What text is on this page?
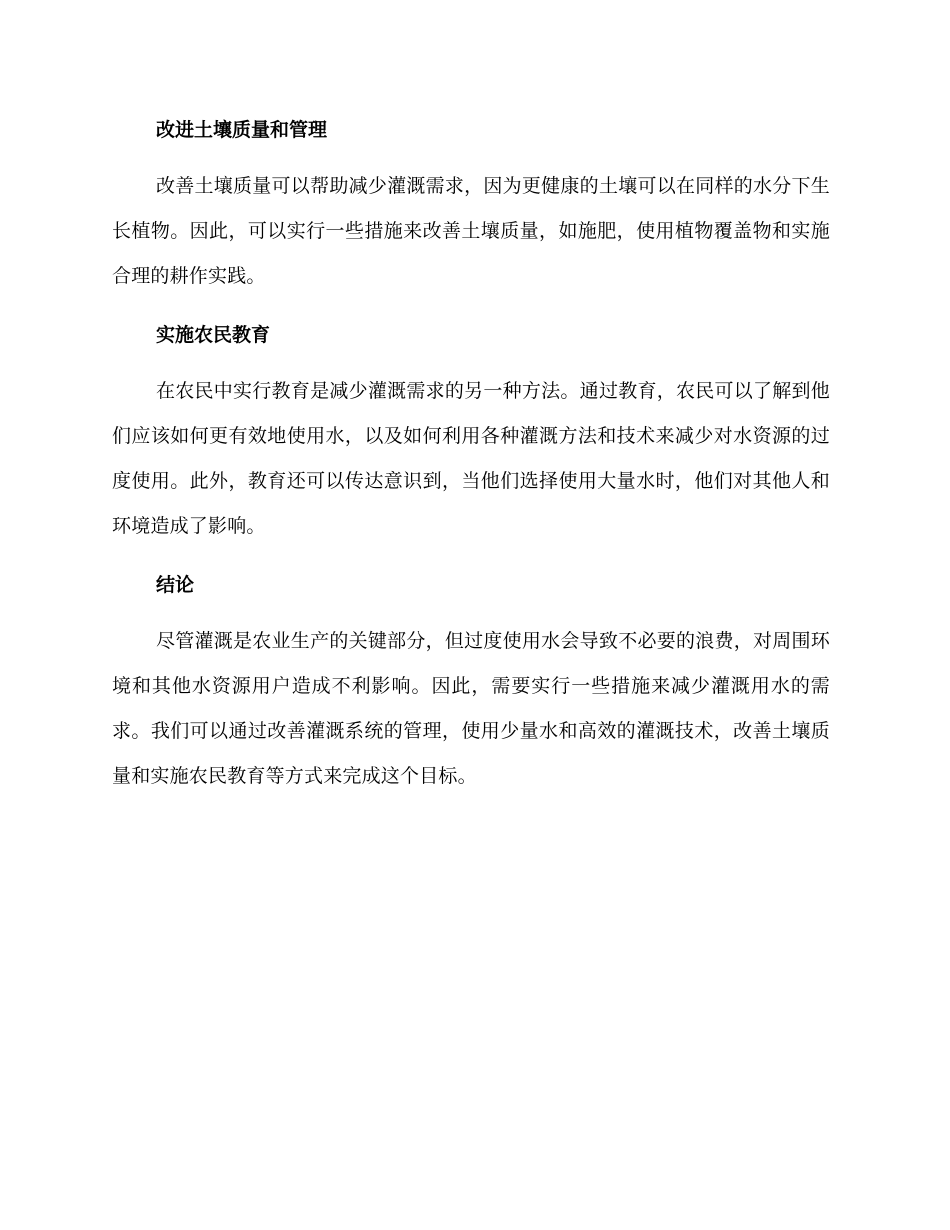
改进土壤质量和管理

改善土壤质量可以帮助减少灌溉需求，因为更健康的土壤可以在同样的水分下生长植物。因此，可以实行一些措施来改善土壤质量，如施肥，使用植物覆盖物和实施合理的耕作实践。

实施农民教育

在农民中实行教育是减少灌溉需求的另一种方法。通过教育，农民可以了解到他们应该如何更有效地使用水，以及如何利用各种灌溉方法和技术来减少对水资源的过度使用。此外，教育还可以传达意识到，当他们选择使用大量水时，他们对其他人和环境造成了影响。

结论

尽管灌溉是农业生产的关键部分，但过度使用水会导致不必要的浪费，对周围环境和其他水资源用户造成不利影响。因此，需要实行一些措施来减少灌溉用水的需求。我们可以通过改善灌溉系统的管理，使用少量水和高效的灌溉技术，改善土壤质量和实施农民教育等方式来完成这个目标。
